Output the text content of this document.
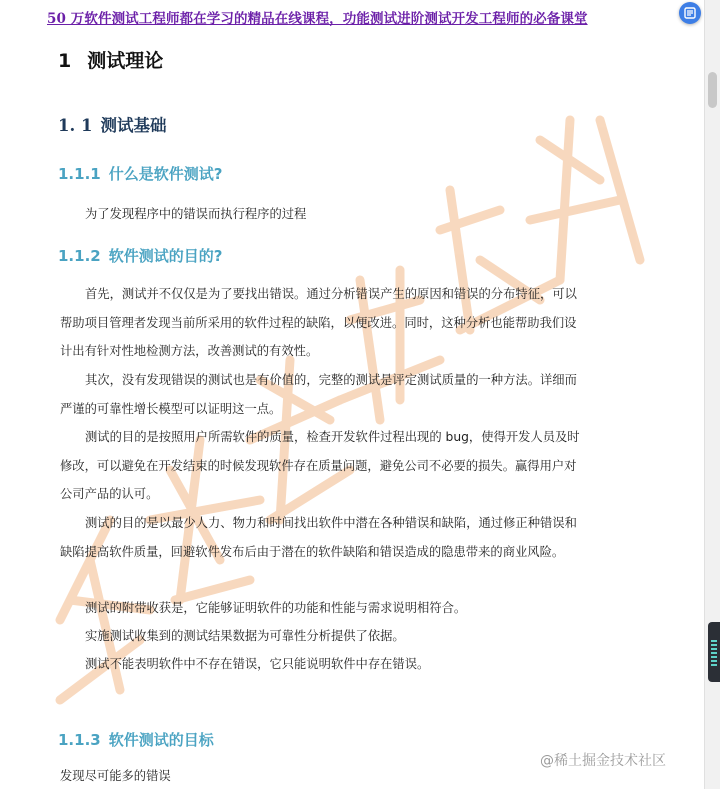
50 万软件测试工程师都在学习的精品在线课程，功能测试进阶测试开发工程师的必备课堂
1 测试理论
1. 1 测试基础
1.1.1 什么是软件测试?
为了发现程序中的错误而执行程序的过程
1.1.2 软件测试的目的?

首先，测试并不仅仅是为了要找出错误。通过分析错误产生的原因和错误的分布特征，可以帮助项目管理者发现当前所采用的软件过程的缺陷，以便改进。同时，这种分析也能帮助我们设计出有针对性地检测方法，改善测试的有效性。

其次，没有发现错误的测试也是有价值的，完整的测试是评定测试质量的一种方法。详细而严谨的可靠性增长模型可以证明这一点。

测试的目的是按照用户所需软件的质量，检查开发软件过程出现的 bug，使得开发人员及时修改，可以避免在开发结束的时候发现软件存在质量问题，避免公司不必要的损失。赢得用户对公司产品的认可。

测试的目的是以最少人力、物力和时间找出软件中潜在各种错误和缺陷，通过修正种错误和缺陷提高软件质量，回避软件发布后由于潜在的软件缺陷和错误造成的隐患带来的商业风险。

测试的附带收获是，它能够证明软件的功能和性能与需求说明相符合。

实施测试收集到的测试结果数据为可靠性分析提供了依据。

测试不能表明软件中不存在错误，它只能说明软件中存在错误。

1.1.3 软件测试的目标
发现尽可能多的错误
@稀土掘金技术社区
